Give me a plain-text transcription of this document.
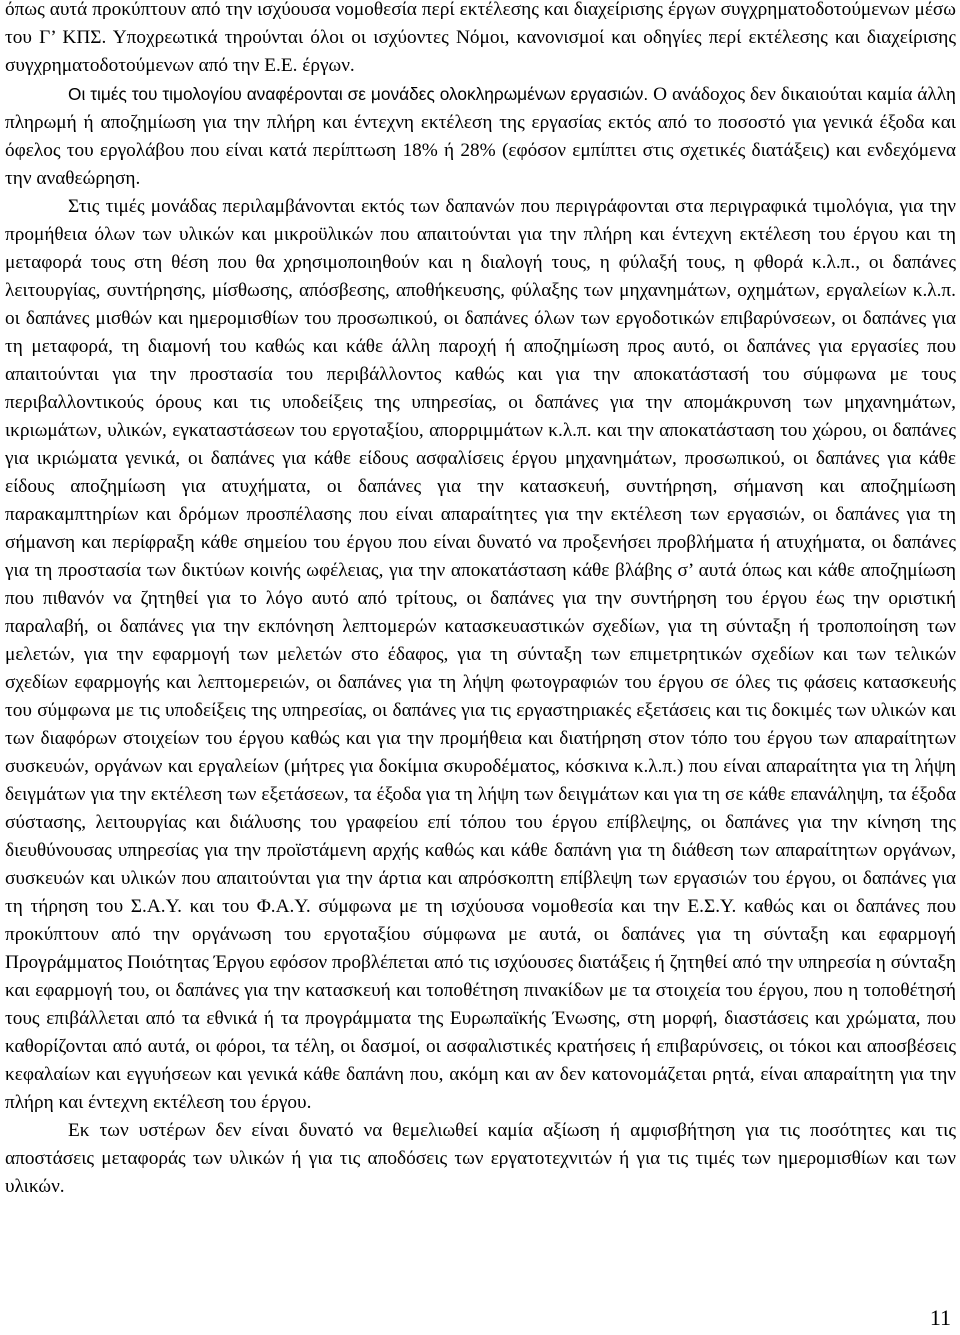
όπως αυτά προκύπτουν από την ισχύουσα νομοθεσία περί εκτέλεσης και διαχείρισης έργων συγχρηματοδοτούμενων μέσω του Γ’ ΚΠΣ. Υποχρεωτικά τηρούνται όλοι οι ισχύοντες Νόμοι, κανονισμοί και οδηγίες περί εκτέλεσης και διαχείρισης συγχρηματοδοτούμενων από την Ε.Ε. έργων.

Οι τιμές του τιμολογίου αναφέρονται σε μονάδες ολοκληρωμένων εργασιών. Ο ανάδοχος δεν δικαιούται καμία άλλη πληρωμή ή αποζημίωση για την πλήρη και έντεχνη εκτέλεση της εργασίας εκτός από το ποσοστό για γενικά έξοδα και όφελος του εργολάβου που είναι κατά περίπτωση 18% ή 28% (εφόσον εμπίπτει στις σχετικές διατάξεις) και ενδεχόμενα την αναθεώρηση.

Στις τιμές μονάδας περιλαμβάνονται εκτός των δαπανών που περιγράφονται στα περιγραφικά τιμολόγια, για την προμήθεια όλων των υλικών και μικροϋλικών που απαιτούνται για την πλήρη και έντεχνη εκτέλεση του έργου και τη μεταφορά τους στη θέση που θα χρησιμοποιηθούν και η διαλογή τους, η φύλαξή τους, η φθορά κ.λ.π., οι δαπάνες λειτουργίας, συντήρησης, μίσθωσης, απόσβεσης, αποθήκευσης, φύλαξης των μηχανημάτων, οχημάτων, εργαλείων κ.λ.π. οι δαπάνες μισθών και ημερομισθίων του προσωπικού, οι δαπάνες όλων των εργοδοτικών επιβαρύνσεων, οι δαπάνες για τη μεταφορά, τη διαμονή του καθώς και κάθε άλλη παροχή ή αποζημίωση προς αυτό, οι δαπάνες για εργασίες που απαιτούνται για την προστασία του περιβάλλοντος καθώς και για την αποκατάστασή του σύμφωνα με τους περιβαλλοντικούς όρους και τις υποδείξεις της υπηρεσίας, οι δαπάνες για την απομάκρυνση των μηχανημάτων, ικριωμάτων, υλικών, εγκαταστάσεων του εργοταξίου, απορριμμάτων κ.λ.π. και την αποκατάσταση του χώρου, οι δαπάνες για ικριώματα γενικά, οι δαπάνες για κάθε είδους ασφαλίσεις έργου μηχανημάτων, προσωπικού, οι δαπάνες για κάθε είδους αποζημίωση για ατυχήματα, οι δαπάνες για την κατασκευή, συντήρηση, σήμανση και αποζημίωση παρακαμπτηρίων και δρόμων προσπέλασης που είναι απαραίτητες για την εκτέλεση των εργασιών, οι δαπάνες για τη σήμανση και περίφραξη κάθε σημείου του έργου που είναι δυνατό να προξενήσει προβλήματα ή ατυχήματα, οι δαπάνες για τη προστασία των δικτύων κοινής ωφέλειας, για την αποκατάσταση κάθε βλάβης σ’ αυτά όπως και κάθε αποζημίωση που πιθανόν να ζητηθεί για το λόγο αυτό από τρίτους, οι δαπάνες για την συντήρηση του έργου έως την οριστική παραλαβή, οι δαπάνες για την εκπόνηση λεπτομερών κατασκευαστικών σχεδίων, για τη σύνταξη ή τροποποίηση των μελετών, για την εφαρμογή των μελετών στο έδαφος, για τη σύνταξη των επιμετρητικών σχεδίων και των τελικών σχεδίων εφαρμογής και λεπτομερειών, οι δαπάνες για τη λήψη φωτογραφιών του έργου σε όλες τις φάσεις κατασκευής του σύμφωνα με τις υποδείξεις της υπηρεσίας, οι δαπάνες για τις εργαστηριακές εξετάσεις και τις δοκιμές των υλικών και των διαφόρων στοιχείων του έργου καθώς και για την προμήθεια και διατήρηση στον τόπο του έργου των απαραίτητων συσκευών, οργάνων και εργαλείων (μήτρες για δοκίμια σκυροδέματος, κόσκινα κ.λ.π.) που είναι απαραίτητα για τη λήψη δειγμάτων για την εκτέλεση των εξετάσεων, τα έξοδα για τη λήψη των δειγμάτων και για τη σε κάθε επανάληψη, τα έξοδα σύστασης, λειτουργίας και διάλυσης του γραφείου επί τόπου του έργου επίβλεψης, οι δαπάνες για την κίνηση της διευθύνουσας υπηρεσίας για την προϊστάμενη αρχής καθώς και κάθε δαπάνη για τη διάθεση των απαραίτητων οργάνων, συσκευών και υλικών που απαιτούνται για την άρτια και απρόσκοπτη επίβλεψη των εργασιών του έργου, οι δαπάνες για τη τήρηση του Σ.Α.Υ. και του Φ.Α.Υ. σύμφωνα με τη ισχύουσα νομοθεσία και την Ε.Σ.Υ. καθώς και οι δαπάνες που προκύπτουν από την οργάνωση του εργοταξίου σύμφωνα με αυτά, οι δαπάνες για τη σύνταξη και εφαρμογή Προγράμματος Ποιότητας Έργου εφόσον προβλέπεται από τις ισχύουσες διατάξεις ή ζητηθεί από την υπηρεσία η σύνταξη και εφαρμογή του, οι δαπάνες για την κατασκευή και τοποθέτηση πινακίδων με τα στοιχεία του έργου, που η τοποθέτησή τους επιβάλλεται από τα εθνικά ή τα προγράμματα της Ευρωπαϊκής Ένωσης, στη μορφή, διαστάσεις και χρώματα, που καθορίζονται από αυτά, οι φόροι, τα τέλη, οι δασμοί, οι ασφαλιστικές κρατήσεις ή επιβαρύνσεις, οι τόκοι και αποσβέσεις κεφαλαίων και εγγυήσεων και γενικά κάθε δαπάνη που, ακόμη και αν δεν κατονομάζεται ρητά, είναι απαραίτητη για την πλήρη και έντεχνη εκτέλεση του έργου.

Εκ των υστέρων δεν είναι δυνατό να θεμελιωθεί καμία αξίωση ή αμφισβήτηση για τις ποσότητες και τις αποστάσεις μεταφοράς των υλικών ή για τις αποδόσεις των εργατοτεχνιτών ή για τις τιμές των ημερομισθίων και των υλικών.

11
